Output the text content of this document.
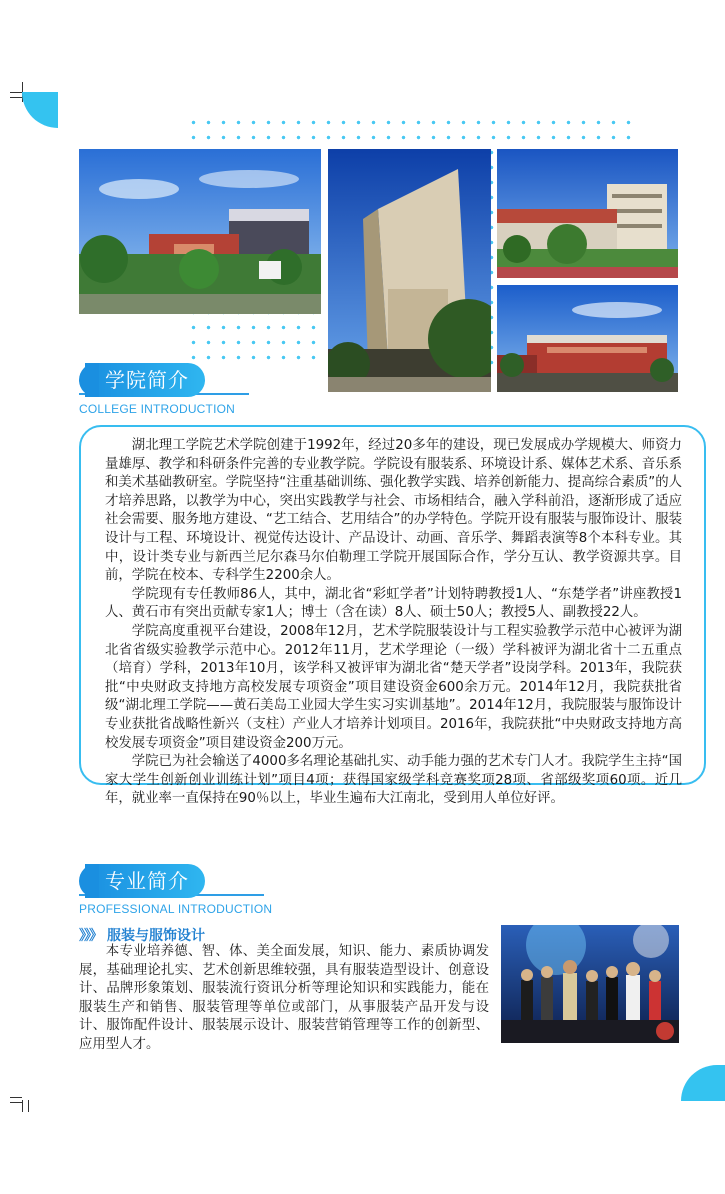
学院简介
COLLEGE INTRODUCTION

湖北理工学院艺术学院创建于1992年，经过20多年的建设，现已发展成办学规模大、师资力量雄厚、教学和科研条件完善的专业教学院。学院设有服装系、环境设计系、媒体艺术系、音乐系和美术基础教研室。学院坚持“注重基础训练、强化教学实践、培养创新能力、提高综合素质”的人才培养思路，以教学为中心，突出实践教学与社会、市场相结合，融入学科前沿，逐渐形成了适应社会需要、服务地方建设、“艺工结合、艺用结合”的办学特色。学院开设有服装与服饰设计、服装设计与工程、环境设计、视觉传达设计、产品设计、动画、音乐学、舞蹈表演等8个本科专业。其中，设计类专业与新西兰尼尔森马尔伯勒理工学院开展国际合作，学分互认、教学资源共享。目前，学院在校本、专科学生2200余人。

学院现有专任教师86人，其中，湖北省“彩虹学者”计划特聘教授1人、“东楚学者”讲座教授1人、黄石市有突出贡献专家1人；博士（含在读）8人、硕士50人；教授5人、副教授22人。

学院高度重视平台建设，2008年12月，艺术学院服装设计与工程实验教学示范中心被评为湖北省省级实验教学示范中心。2012年11月，艺术学理论（一级）学科被评为湖北省十二五重点（培育）学科，2013年10月，该学科又被评审为湖北省“楚天学者”设岗学科。2013年，我院获批“中央财政支持地方高校发展专项资金”项目建设资金600余万元。2014年12月，我院获批省级“湖北理工学院——黄石美岛工业园大学生实习实训基地”。2014年12月，我院服装与服饰设计专业获批省战略性新兴（支柱）产业人才培养计划项目。2016年，我院获批“中央财政支持地方高校发展专项资金”项目建设资金200万元。

学院已为社会输送了4000多名理论基础扎实、动手能力强的艺术专门人才。我院学生主持“国家大学生创新创业训练计划”项目4项；获得国家级学科竞赛奖项28项、省部级奖项60项。近几年，就业率一直保持在90％以上，毕业生遍布大江南北，受到用人单位好评。

专业简介
PROFESSIONAL INTRODUCTION
》》》 服装与服饰设计

本专业培养德、智、体、美全面发展，知识、能力、素质协调发展，基础理论扎实、艺术创新思维较强，具有服装造型设计、创意设计、品牌形象策划、服装流行资讯分析等理论知识和实践能力，能在服装生产和销售、服装管理等单位或部门，从事服装产品开发与设计、服饰配件设计、服装展示设计、服装营销管理等工作的创新型、应用型人才。
